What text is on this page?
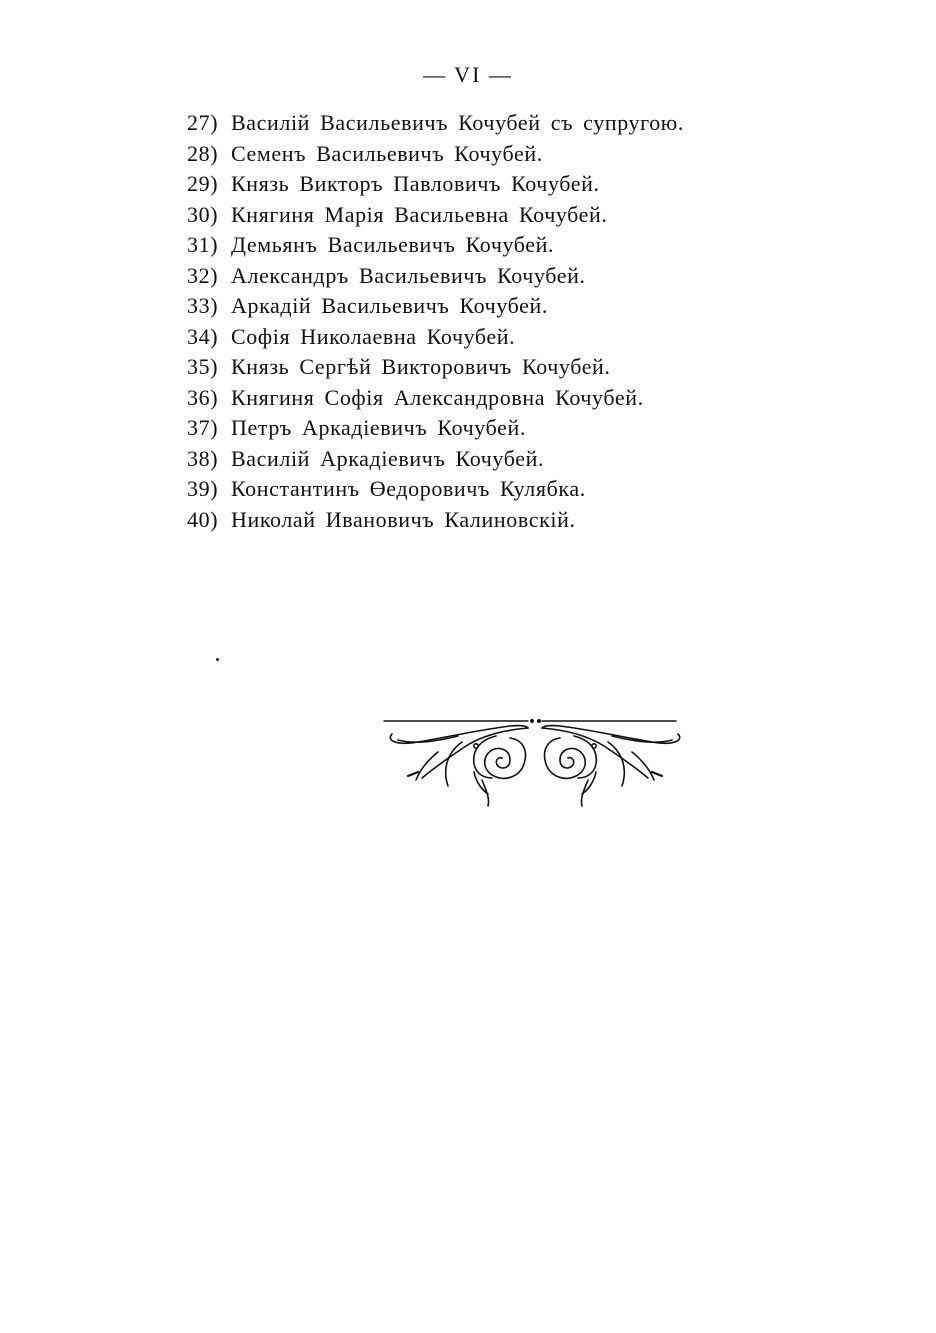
— VI —
27) Василій Васильевичъ Кочубей съ супругою.
28) Семенъ Васильевичъ Кочубей.
29) Князь Викторъ Павловичъ Кочубей.
30) Княгиня Марія Васильевна Кочубей.
31) Демьянъ Васильевичъ Кочубей.
32) Александръ Васильевичъ Кочубей.
33) Аркадій Васильевичъ Кочубей.
34) Софія Николаевна Кочубей.
35) Князь Сергѣй Викторовичъ Кочубей.
36) Княгиня Софія Александровна Кочубей.
37) Петръ Аркадіевичъ Кочубей.
38) Василій Аркадіевичъ Кочубей.
39) Константинъ Өедоровичъ Кулябка.
40) Николай Ивановичъ Калиновскій.
